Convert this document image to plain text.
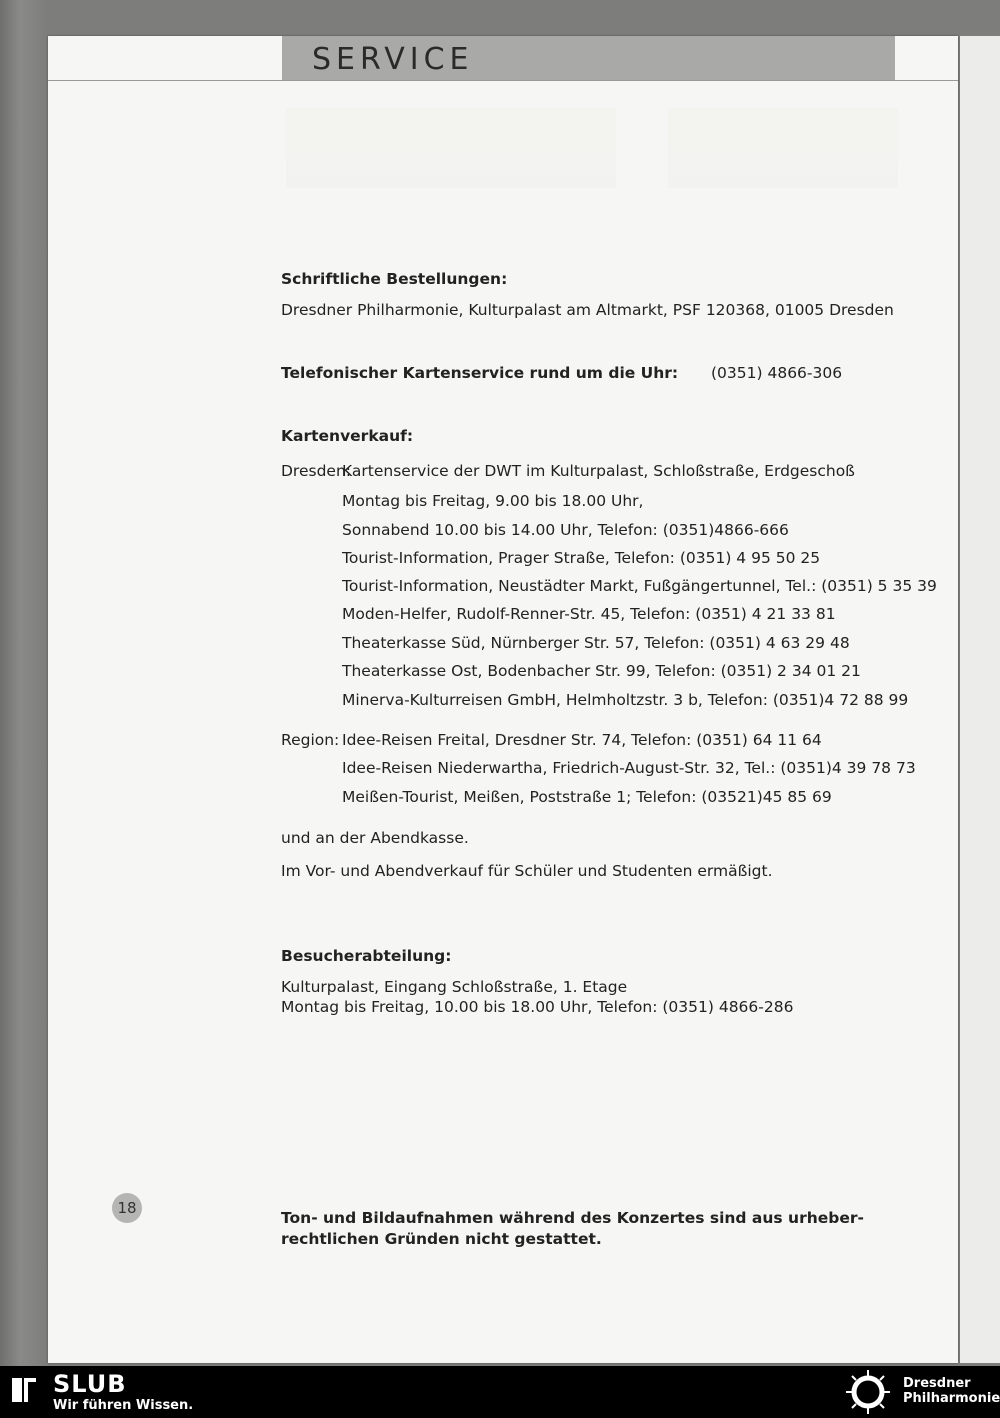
SERVICE
Schriftliche Bestellungen:
Dresdner Philharmonie, Kulturpalast am Altmarkt, PSF 120368, 01005 Dresden
Telefonischer Kartenservice rund um die Uhr: (0351) 4866-306
Kartenverkauf:
Dresden:
Kartenservice der DWT im Kulturpalast, Schloßstraße, Erdgeschoß
Montag bis Freitag, 9.00 bis 18.00 Uhr,
Sonnabend 10.00 bis 14.00 Uhr, Telefon: (0351)4866-666
Tourist-Information, Prager Straße, Telefon: (0351) 4 95 50 25
Tourist-Information, Neustädter Markt, Fußgängertunnel, Tel.: (0351) 5 35 39
Moden-Helfer, Rudolf-Renner-Str. 45, Telefon: (0351) 4 21 33 81
Theaterkasse Süd, Nürnberger Str. 57, Telefon: (0351) 4 63 29 48
Theaterkasse Ost, Bodenbacher Str. 99, Telefon: (0351) 2 34 01 21
Minerva-Kulturreisen GmbH, Helmholtzstr. 3 b, Telefon: (0351)4 72 88 99
Region: Idee-Reisen Freital, Dresdner Str. 74, Telefon: (0351) 64 11 64
Idee-Reisen Niederwartha, Friedrich-August-Str. 32, Tel.: (0351)4 39 78 73
Meißen-Tourist, Meißen, Poststraße 1; Telefon: (03521)45 85 69
und an der Abendkasse.
Im Vor- und Abendverkauf für Schüler und Studenten ermäßigt.
Besucherabteilung:
Kulturpalast, Eingang Schloßstraße, 1. Etage
Montag bis Freitag, 10.00 bis 18.00 Uhr, Telefon: (0351) 4866-286
Ton- und Bildaufnahmen während des Konzertes sind aus urheber-
rechtlichen Gründen nicht gestattet.
18
SLUB
Wir führen Wissen.
Dresdner
Philharmonie
